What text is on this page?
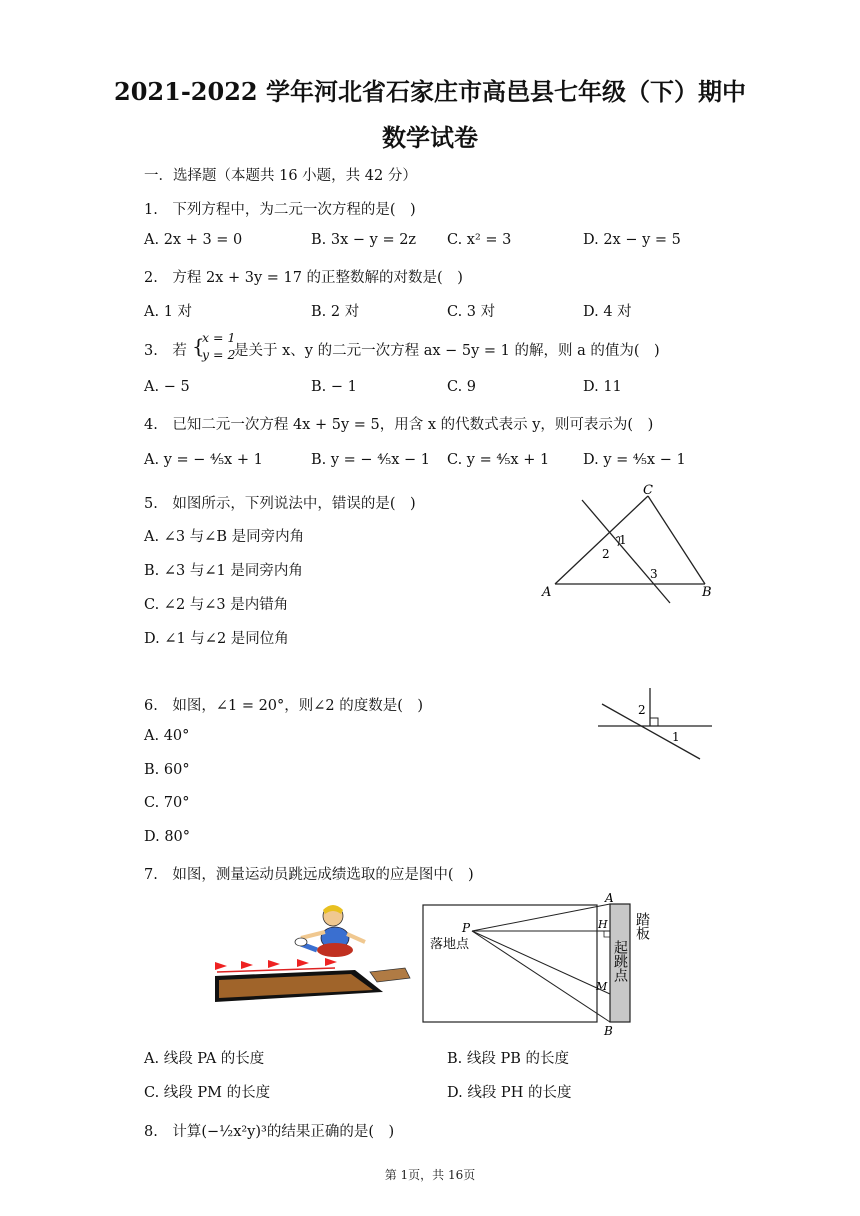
2021-2022 学年河北省石家庄市高邑县七年级（下）期中
数学试卷
一．选择题（本题共 16 小题，共 42 分）
1.　下列方程中，为二元一次方程的是(　)
A. 2x + 3 = 0	B. 3x − y = 2z C. x² = 3	D. 2x − y = 5
2.　方程 2x + 3y = 17 的正整数解的对数是(　)
A. 1 对	B. 2 对	C. 3 对	D. 4 对
3.　若 {
x = 1
y = 2
是关于 x、y 的二元一次方程 ax − 5y = 1 的解，则 a 的值为(　)
A. − 5	B. − 1	C. 9	D. 11
4.　已知二元一次方程 4x + 5y = 5，用含 x 的代数式表示 y，则可表示为(　)
A. y = − ⁴⁄₅x + 1	B. y = − ⁴⁄₅x − 1 C. y = ⁴⁄₅x + 1 D. y = ⁴⁄₅x − 1
5.　如图所示，下列说法中，错误的是(　)
A. ∠3 与∠B 是同旁内角
B. ∠3 与∠1 是同旁内角
C. ∠2 与∠3 是内错角
D. ∠1 与∠2 是同位角
C
A	B
1
2
3
6.　如图，∠1 = 20°，则∠2 的度数是(　)
A. 40°
B. 60°
C. 70°
D. 80°
2
1
7.　如图，测量运动员跳远成绩选取的应是图中(　)
A
B
P	H
M
落地点	起跳点
踏板
A. 线段 PA 的长度	B. 线段 PB 的长度
C. 线段 PM 的长度	D. 线段 PH 的长度
8.　计算(−½x²y)³的结果正确的是(　)
第 1页，共 16页
